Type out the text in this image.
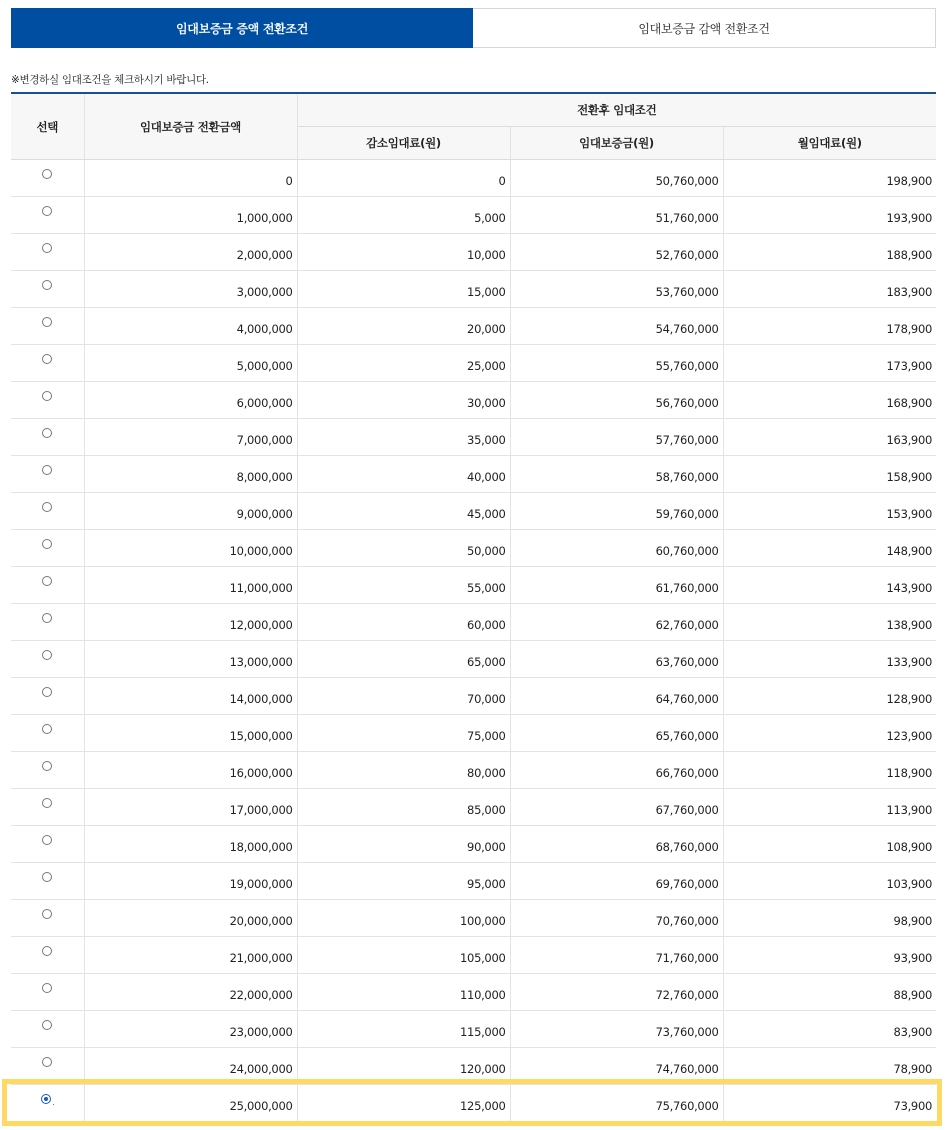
임대보증금 증액 전환조건	임대보증금 감액 전환조건
※변경하실 임대조건을 체크하시기 바랍니다.
선택	임대보증금 전환금액	전환후 임대조건		
		감소임대료(원)	임대보증금(원)	월임대료(원)
	0	0	50,760,000	198,900
	1,000,000	5,000	51,760,000	193,900
	2,000,000	10,000	52,760,000	188,900
	3,000,000	15,000	53,760,000	183,900
	4,000,000	20,000	54,760,000	178,900
	5,000,000	25,000	55,760,000	173,900
	6,000,000	30,000	56,760,000	168,900
	7,000,000	35,000	57,760,000	163,900
	8,000,000	40,000	58,760,000	158,900
	9,000,000	45,000	59,760,000	153,900
	10,000,000	50,000	60,760,000	148,900
	11,000,000	55,000	61,760,000	143,900
	12,000,000	60,000	62,760,000	138,900
	13,000,000	65,000	63,760,000	133,900
	14,000,000	70,000	64,760,000	128,900
	15,000,000	75,000	65,760,000	123,900
	16,000,000	80,000	66,760,000	118,900
	17,000,000	85,000	67,760,000	113,900
	18,000,000	90,000	68,760,000	108,900
	19,000,000	95,000	69,760,000	103,900
	20,000,000	100,000	70,760,000	98,900
	21,000,000	105,000	71,760,000	93,900
	22,000,000	110,000	72,760,000	88,900
	23,000,000	115,000	73,760,000	83,900
	24,000,000	120,000	74,760,000	78,900
.	25,000,000	125,000	75,760,000	73,900
